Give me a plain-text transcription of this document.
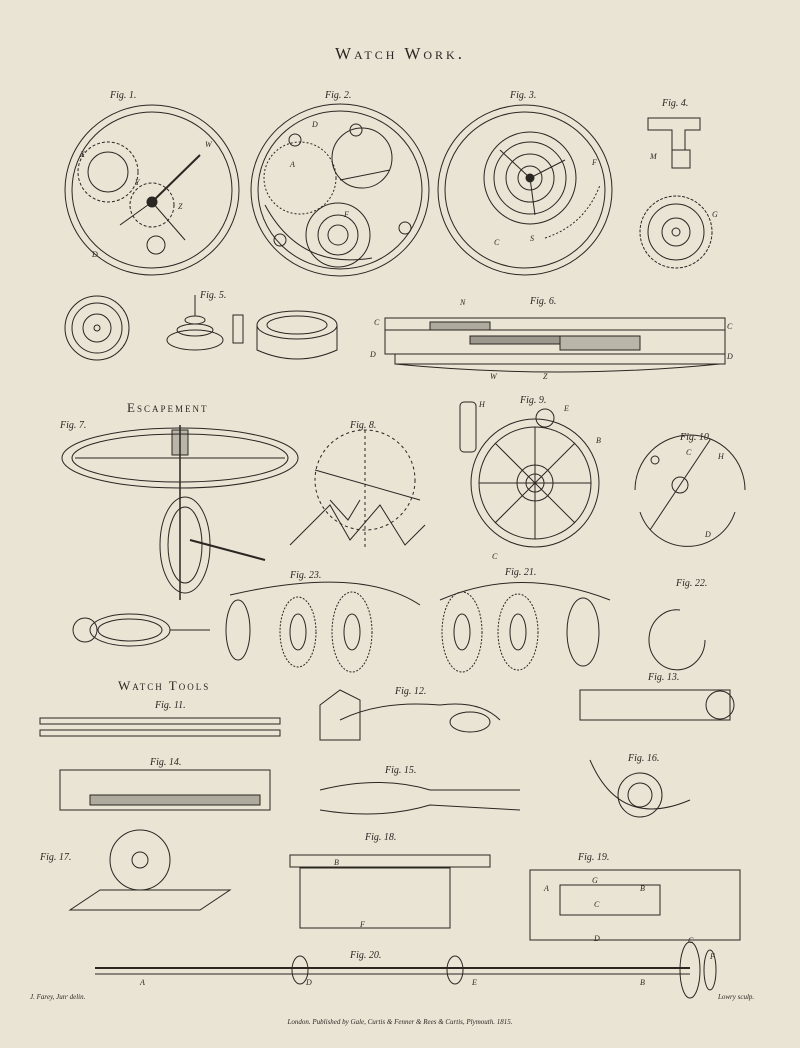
Watch Work.
Fig. 1.	Fig. 2.	Fig. 3.
Fig. 4.
Fig. 5.
Fig. 6.
Escapement
Fig. 7.	Fig. 8.
Fig. 9.
Fig. 10.
Fig. 23.	Fig. 21.
Fig. 22.
Watch Tools
Fig. 11.
Fig. 12.
Fig. 13.
Fig. 14.
Fig. 15.
Fig. 16.
Fig. 17.
Fig. 18.
Fig. 19.
Fig. 20.
X
W
Y
Z
D
D
A
F
F
C	S
M
G
N
C	C
D	D
W	Z
H	E
B
C
C	H
D
A	D	E	B
C
F
G
A	B
C
D
B
F
J. Farey, Junʳ delin.
London. Published by Gale, Curtis & Fenner & Rees & Curtis, Plymouth. 1815.
Lowry sculp.
